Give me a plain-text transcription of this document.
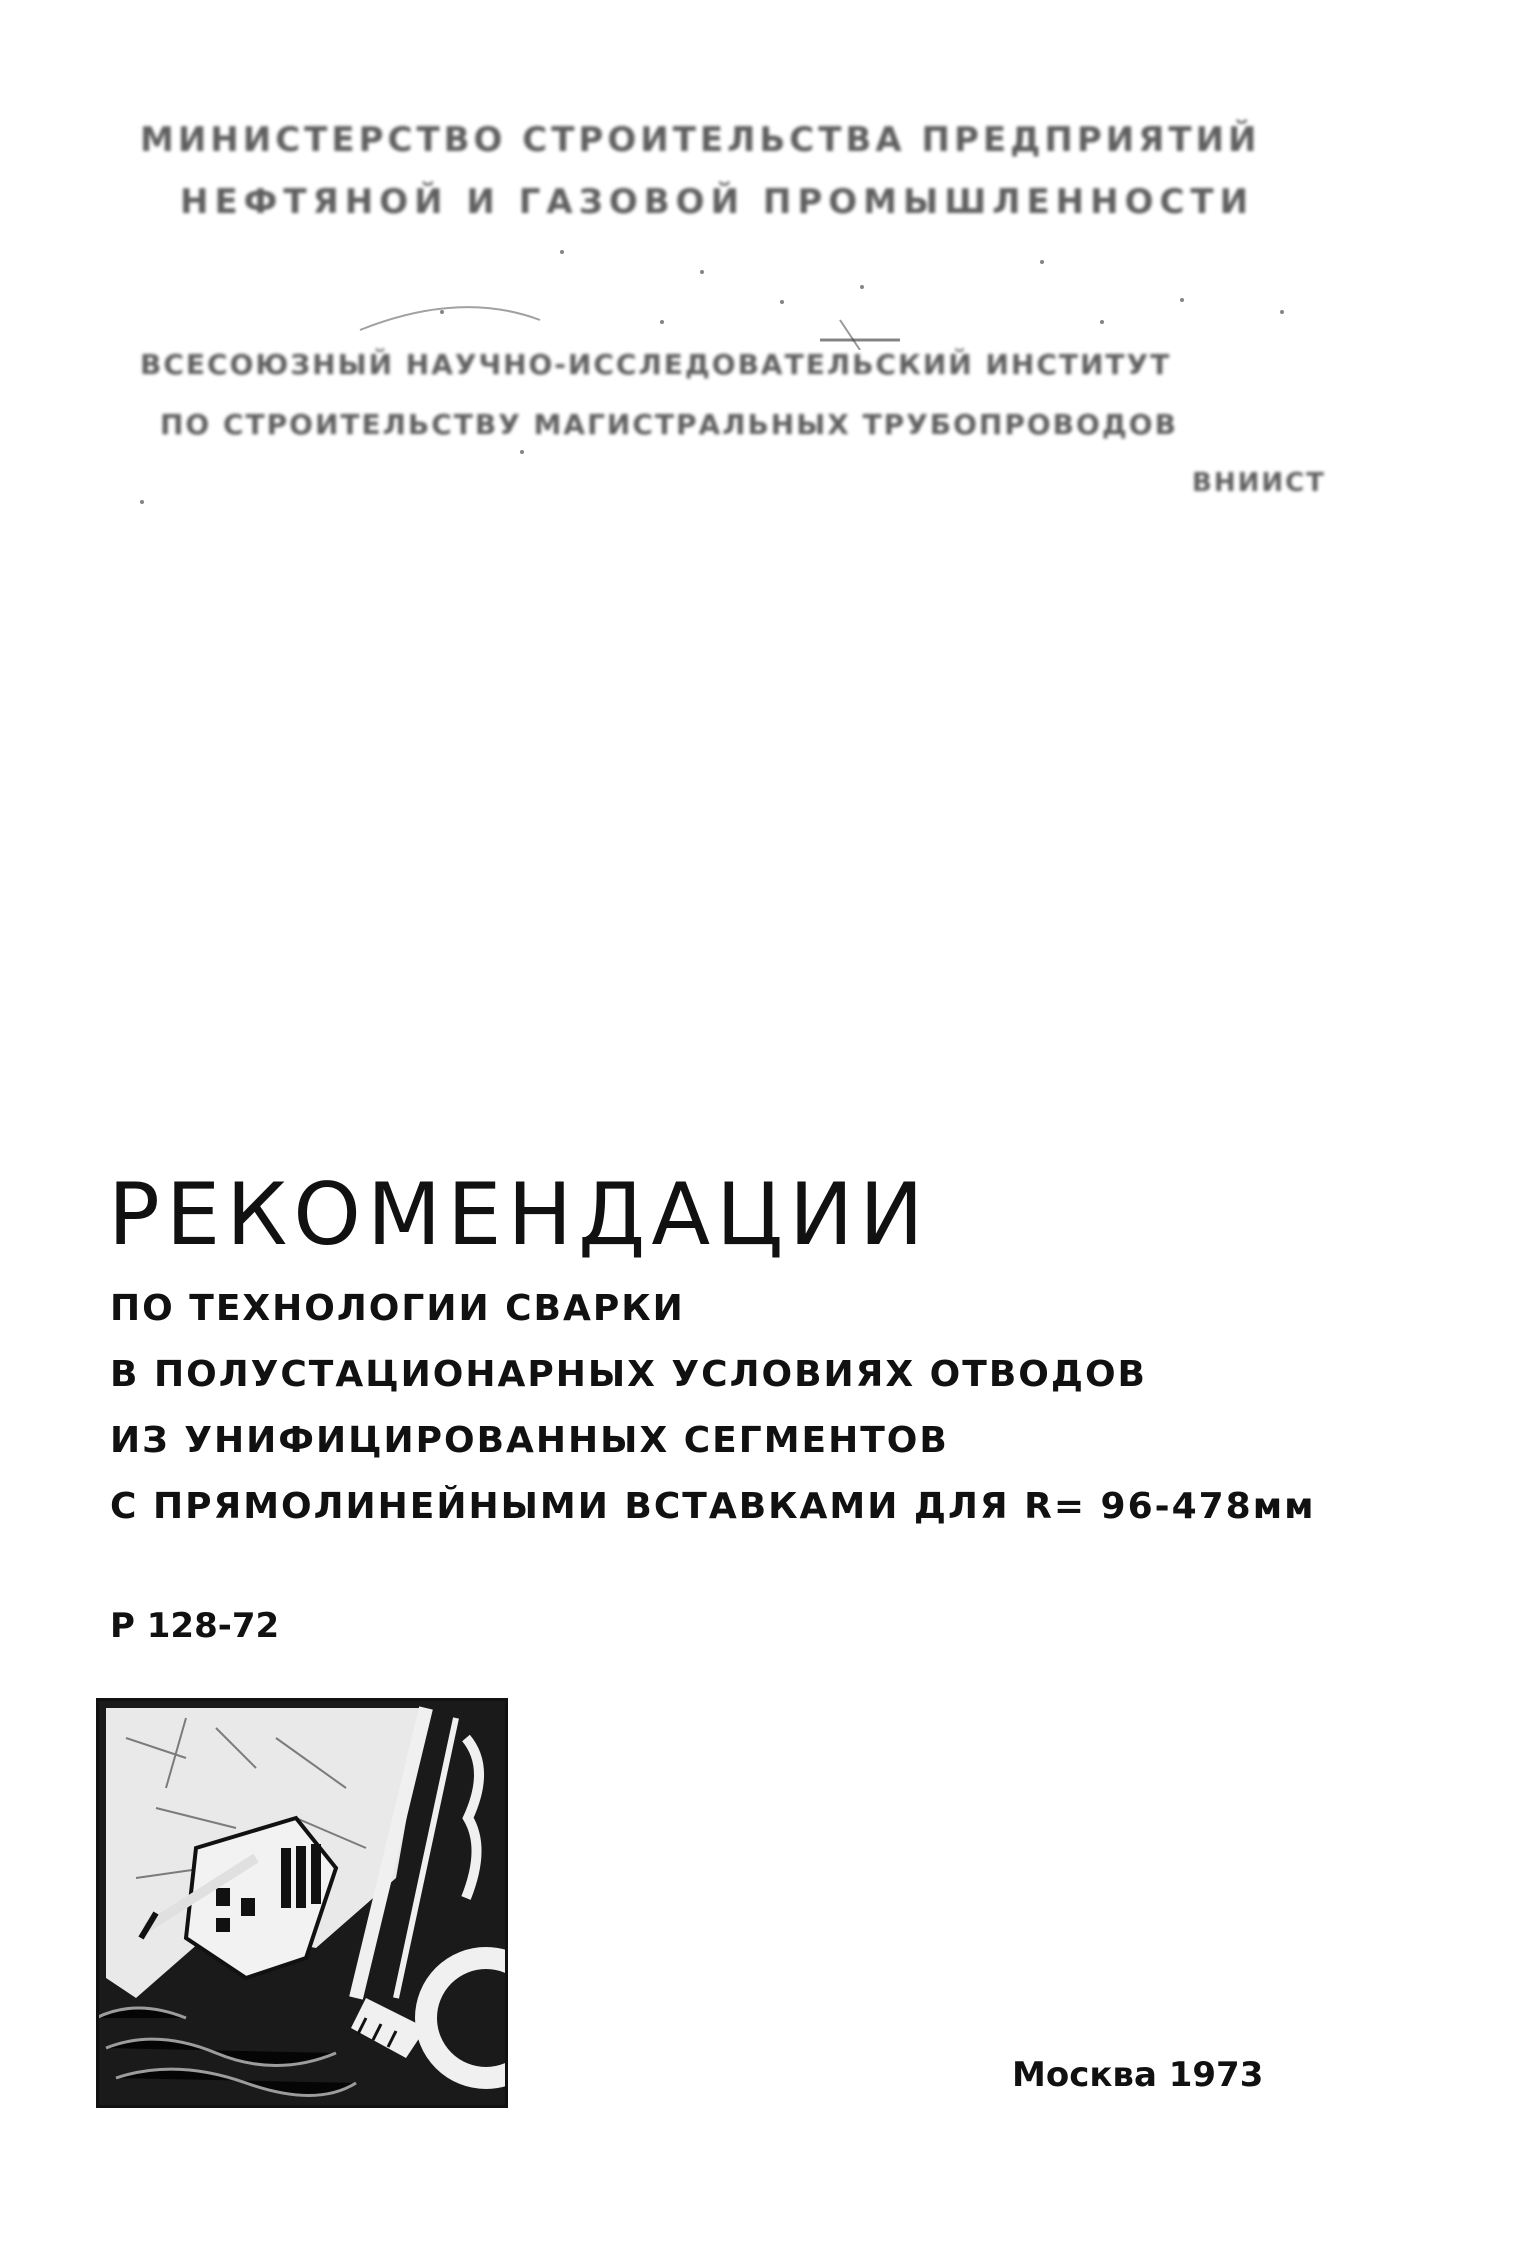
МИНИСТЕРСТВО СТРОИТЕЛЬСТВА ПРЕДПРИЯТИЙ
НЕФТЯНОЙ И ГАЗОВОЙ ПРОМЫШЛЕННОСТИ
ВСЕСОЮЗНЫЙ НАУЧНО-ИССЛЕДОВАТЕЛЬСКИЙ ИНСТИТУТ
ПО СТРОИТЕЛЬСТВУ МАГИСТРАЛЬНЫХ ТРУБОПРОВОДОВ
ВНИИСТ
РЕКОМЕНДАЦИИ
ПО ТЕХНОЛОГИИ СВАРКИ
В ПОЛУСТАЦИОНАРНЫХ УСЛОВИЯХ ОТВОДОВ
ИЗ УНИФИЦИРОВАННЫХ СЕГМЕНТОВ
С ПРЯМОЛИНЕЙНЫМИ ВСТАВКАМИ ДЛЯ R= 96-478мм
Р 128-72
Москва 1973
